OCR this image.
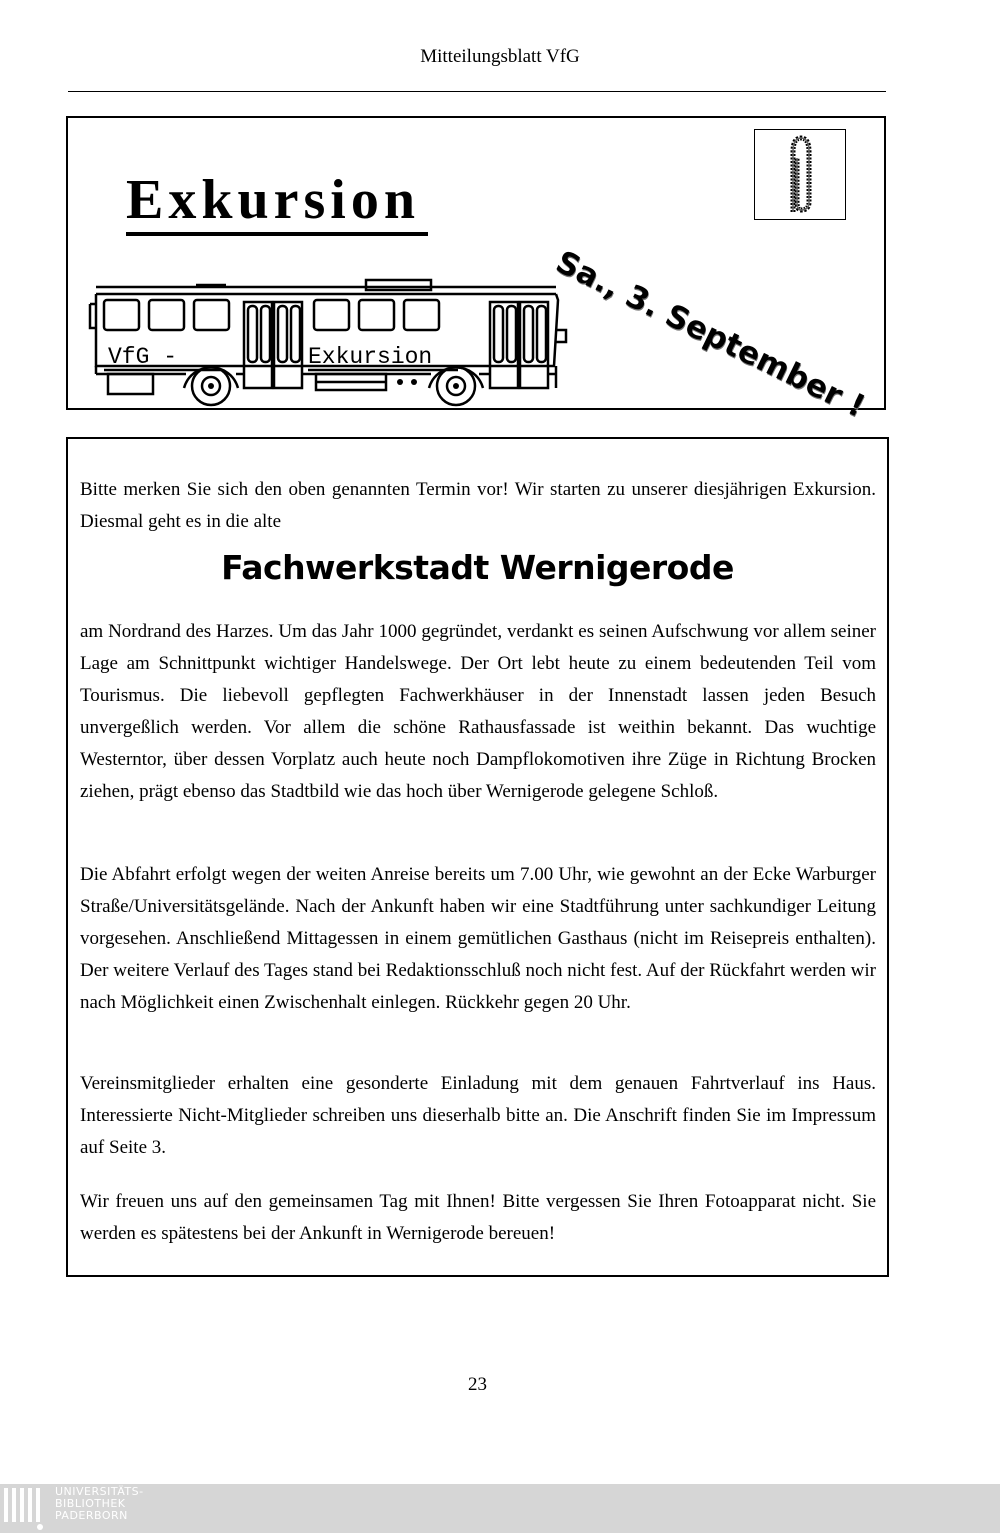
Mitteilungsblatt VfG
Exkursion
VfG -	Exkursion	Sa., 3. September !
Bitte merken Sie sich den oben genannten Termin vor! Wir starten zu unserer diesjährigen Exkursion. Diesmal geht es in die alte
Fachwerkstadt Wernigerode
am Nordrand des Harzes. Um das Jahr 1000 gegründet, verdankt es seinen Aufschwung vor allem seiner Lage am Schnittpunkt wichtiger Handelswege. Der Ort lebt heute zu einem bedeutenden Teil vom Tourismus. Die liebevoll gepflegten Fachwerkhäuser in der Innenstadt lassen jeden Besuch unvergeßlich werden. Vor allem die schöne Rathausfassade ist weithin bekannt. Das wuchtige Westerntor, über dessen Vorplatz auch heute noch Dampflokomotiven ihre Züge in Richtung Brocken ziehen, prägt ebenso das Stadtbild wie das hoch über Wernigerode gelegene Schloß.
Die Abfahrt erfolgt wegen der weiten Anreise bereits um 7.00 Uhr, wie gewohnt an der Ecke Warburger Straße/Universitätsgelände. Nach der Ankunft haben wir eine Stadtführung unter sachkundiger Leitung vorgesehen. Anschließend Mittagessen in einem gemütlichen Gasthaus (nicht im Reisepreis enthalten). Der weitere Verlauf des Tages stand bei Redaktionsschluß noch nicht fest. Auf der Rückfahrt werden wir nach Möglichkeit einen Zwischenhalt einlegen. Rückkehr gegen 20 Uhr.
Vereinsmitglieder erhalten eine gesonderte Einladung mit dem genauen Fahrtverlauf ins Haus. Interessierte Nicht-Mitglieder schreiben uns dieserhalb bitte an. Die Anschrift finden Sie im Impressum auf Seite 3.
Wir freuen uns auf den gemeinsamen Tag mit Ihnen! Bitte vergessen Sie Ihren Fotoapparat nicht. Sie werden es spätestens bei der Ankunft in Wernigerode bereuen!
23
UNIVERSITÄTS-
BIBLIOTHEK
PADERBORN
